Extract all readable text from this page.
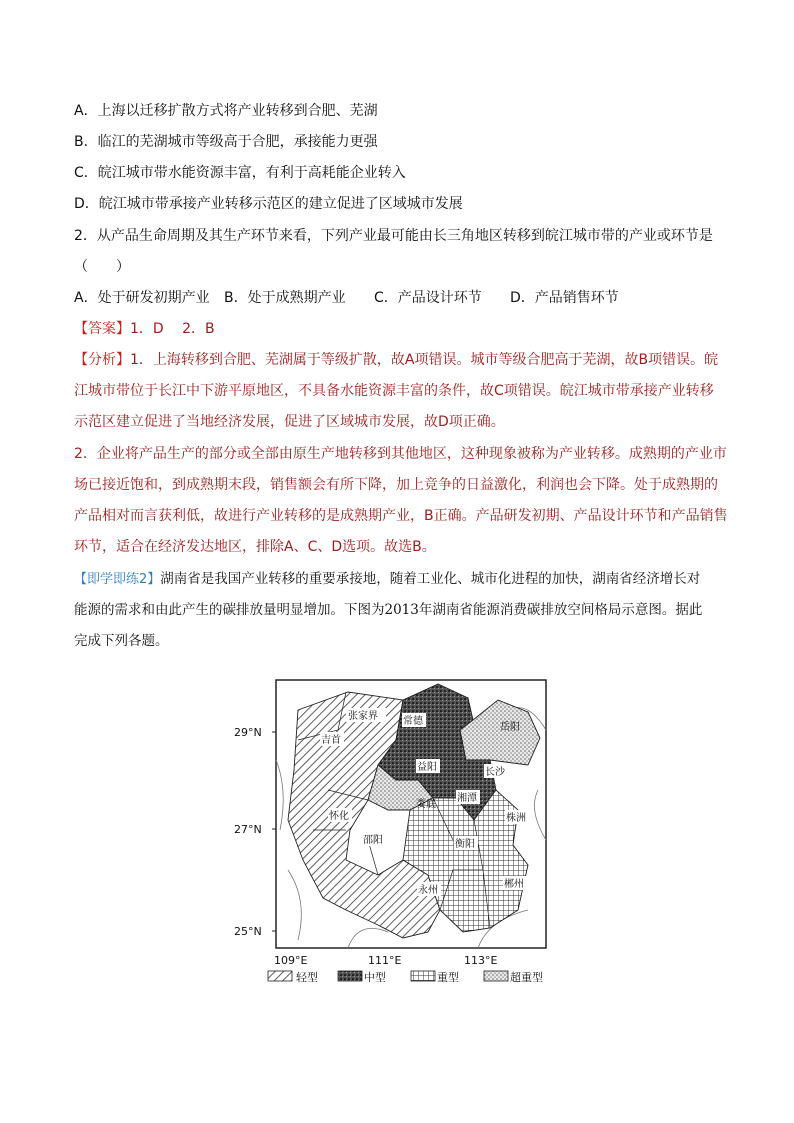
A．上海以迁移扩散方式将产业转移到合肥、芜湖
B．临江的芜湖城市等级高于合肥，承接能力更强
C．皖江城市带水能资源丰富，有利于高耗能企业转入
D．皖江城市带承接产业转移示范区的建立促进了区域城市发展
2．从产品生命周期及其生产环节来看，下列产业最可能由长三角地区转移到皖江城市带的产业或环节是
（　　）
A．处于研发初期产业 B．处于成熟期产业 C．产品设计环节 D．产品销售环节
【答案】1．D　 2．B
【分析】1．上海转移到合肥、芜湖属于等级扩散，故A项错误。城市等级合肥高于芜湖，故B项错误。皖
江城市带位于长江中下游平原地区，不具备水能资源丰富的条件，故C项错误。皖江城市带承接产业转移
示范区建立促进了当地经济发展，促进了区域城市发展，故D项正确。
2．企业将产品生产的部分或全部由原生产地转移到其他地区，这种现象被称为产业转移。成熟期的产业市
场已接近饱和，到成熟期末段，销售额会有所下降，加上竞争的日益激化，利润也会下降。处于成熟期的
产品相对而言获利低，故进行产业转移的是成熟期产业，B正确。产品研发初期、产品设计环节和产品销售
环节，适合在经济发达地区，排除A、C、D选项。故选B。
【即学即练2】湖南省是我国产业转移的重要承接地，随着工业化、城市化进程的加快，湖南省经济增长对
能源的需求和由此产生的碳排放量明显增加。下图为2013年湖南省能源消费碳排放空间格局示意图。据此
完成下列各题。
29°N
27°N
25°N
109°E	111°E	113°E
张家界	常德
岳阳
吉首
益阳	长沙
娄底
湘潭
怀化	株洲
邵阳	衡阳
郴州
永州
轻型	中型	重型	超重型
